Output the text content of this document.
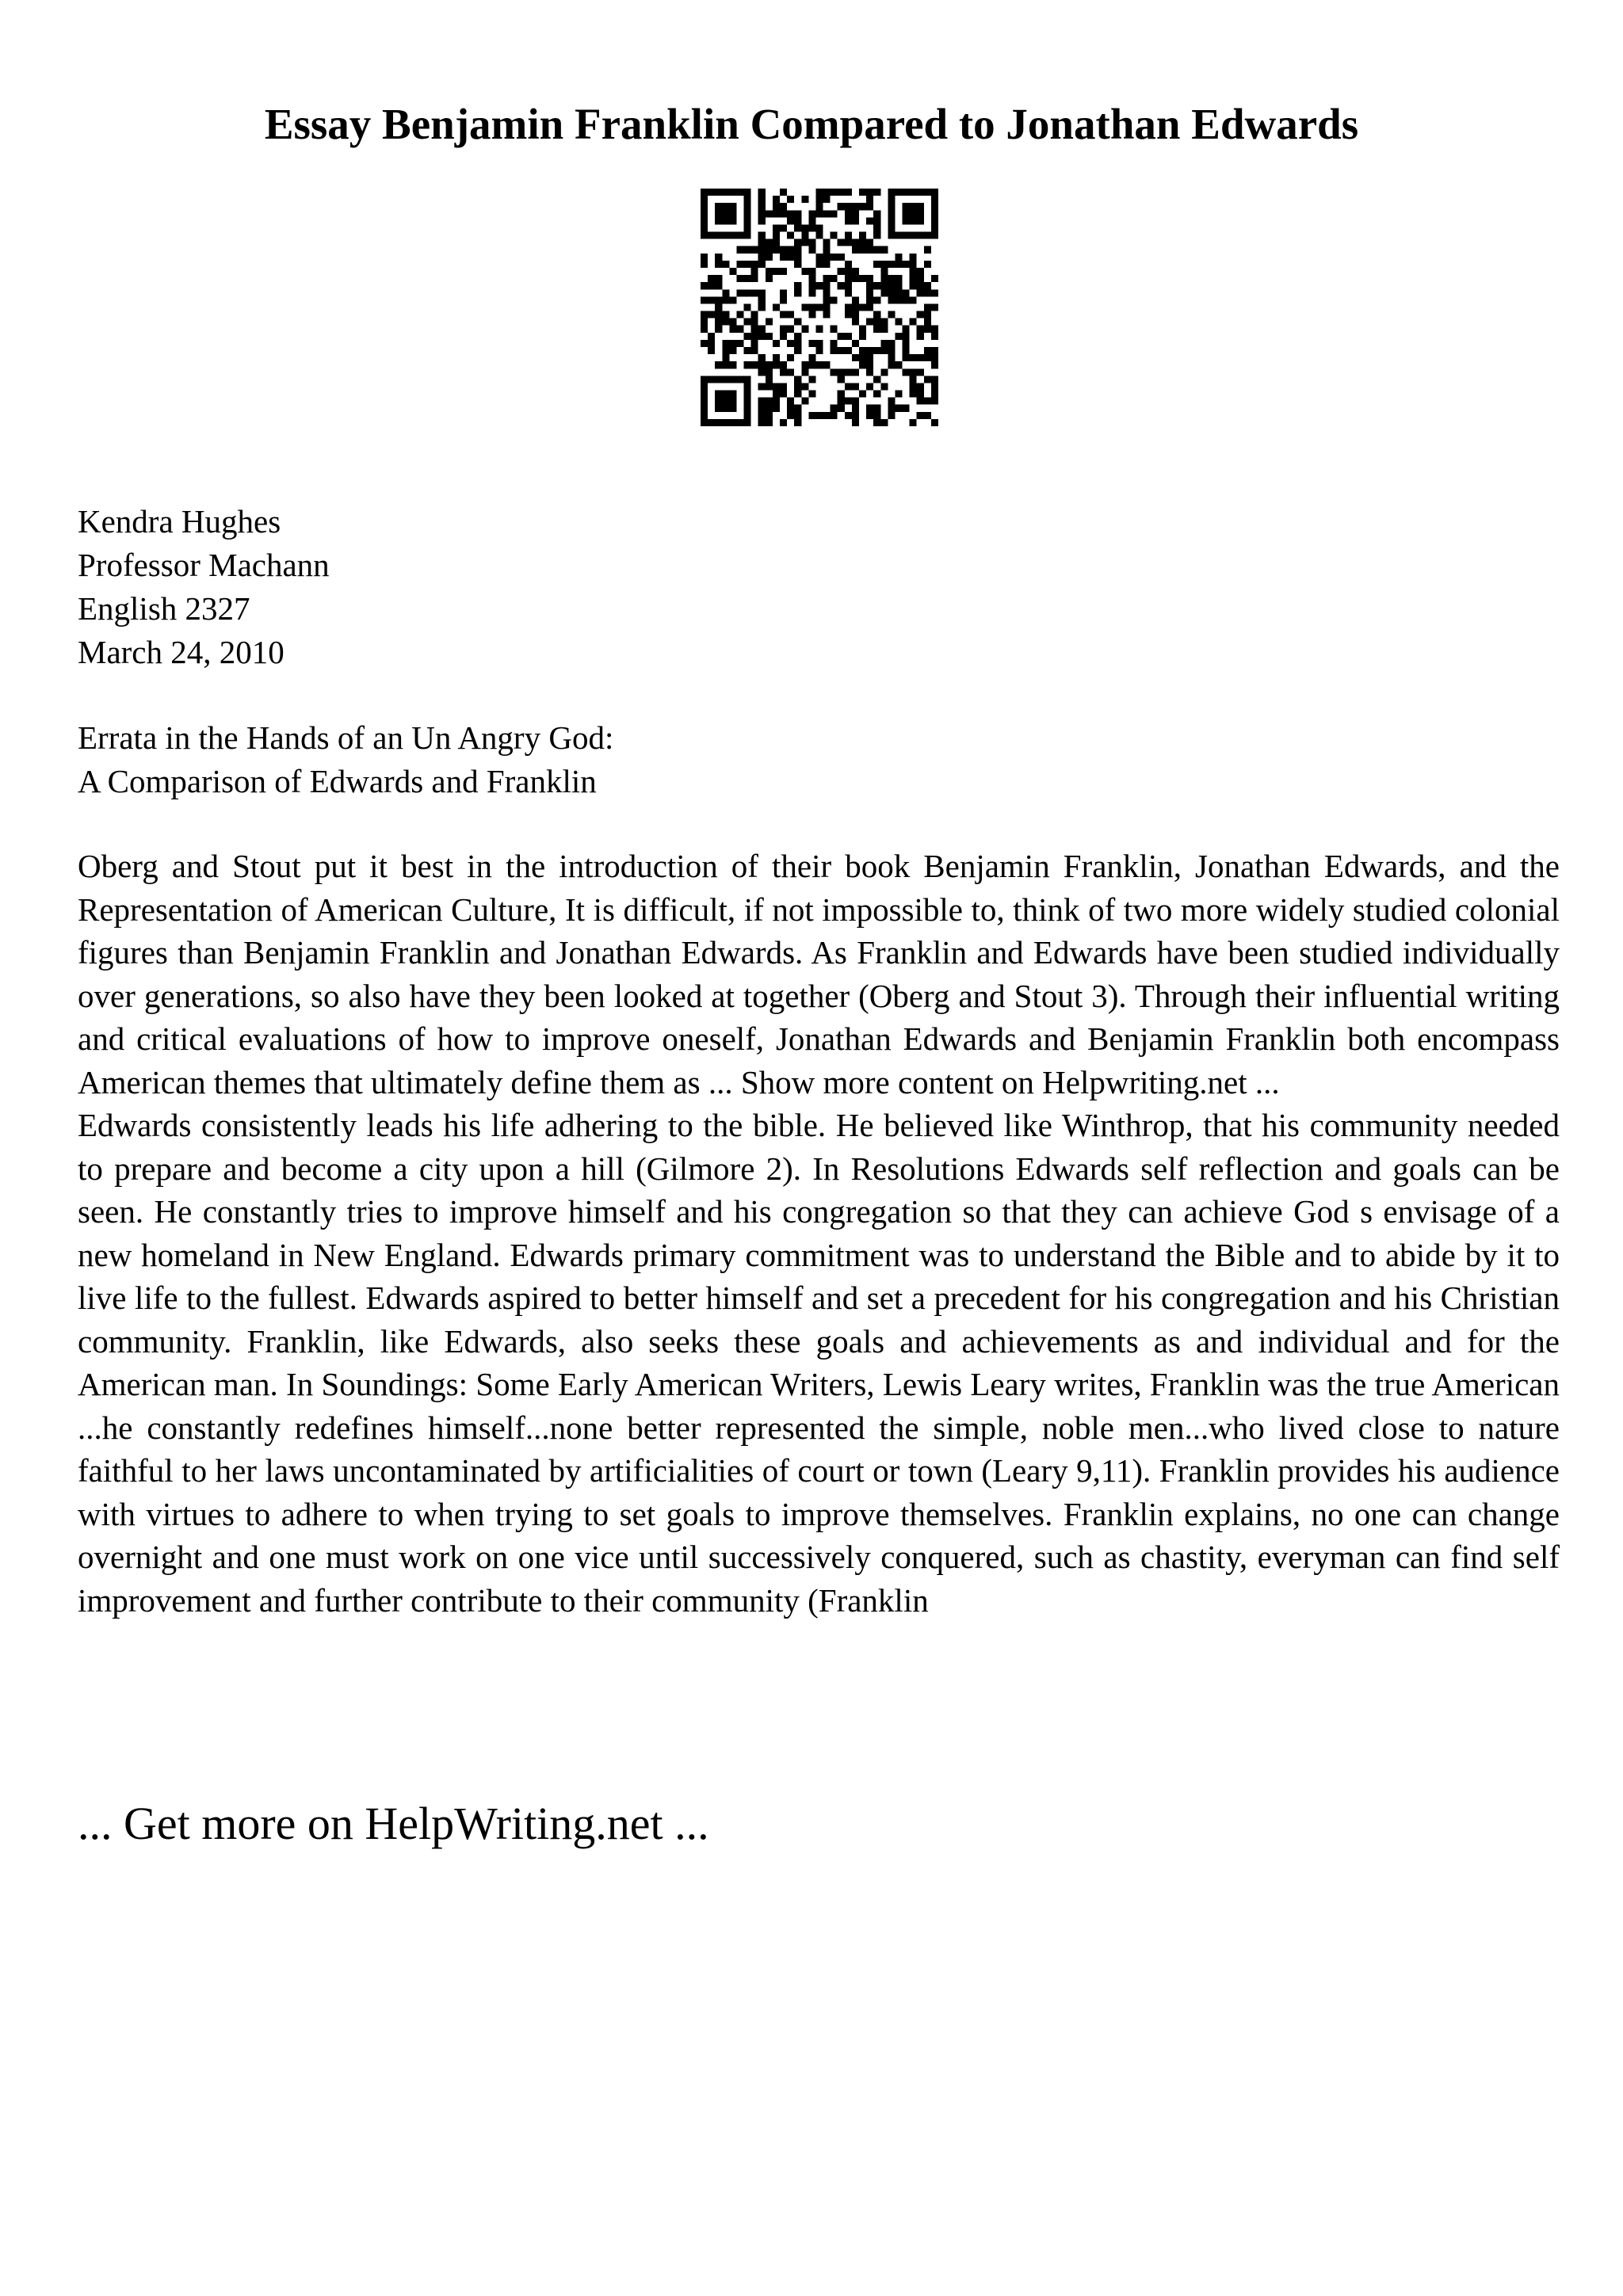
Essay Benjamin Franklin Compared to Jonathan Edwards
Kendra Hughes
Professor Machann
English 2327
March 24, 2010
Errata in the Hands of an Un Angry God:
A Comparison of Edwards and Franklin

Oberg and Stout put it best in the introduction of their book Benjamin Franklin, Jonathan Edwards, and the Representation of American Culture, It is difficult, if not impossible to, think of two more widely studied colonial figures than Benjamin Franklin and Jonathan Edwards. As Franklin and Edwards have been studied individually over generations, so also have they been looked at together (Oberg and Stout 3). Through their influential writing and critical evaluations of how to improve oneself, Jonathan Edwards and Benjamin Franklin both encompass American themes that ultimately define them as ... Show more content on Helpwriting.net ...

Edwards consistently leads his life adhering to the bible. He believed like Winthrop, that his community needed to prepare and become a city upon a hill (Gilmore 2). In Resolutions Edwards self reflection and goals can be seen. He constantly tries to improve himself and his congregation so that they can achieve God s envisage of a new homeland in New England. Edwards primary commitment was to understand the Bible and to abide by it to live life to the fullest. Edwards aspired to better himself and set a precedent for his congregation and his Christian community. Franklin, like Edwards, also seeks these goals and achievements as and individual and for the American man. In Soundings: Some Early American Writers, Lewis Leary writes, Franklin was the true American ...he constantly redefines himself...none better represented the simple, noble men...who lived close to nature faithful to her laws uncontaminated by artificialities of court or town (Leary 9,11). Franklin provides his audience with virtues to adhere to when trying to set goals to improve themselves. Franklin explains, no one can change overnight and one must work on one vice until successively conquered, such as chastity, everyman can find self improvement and further contribute to their community (Franklin

... Get more on HelpWriting.net ...
